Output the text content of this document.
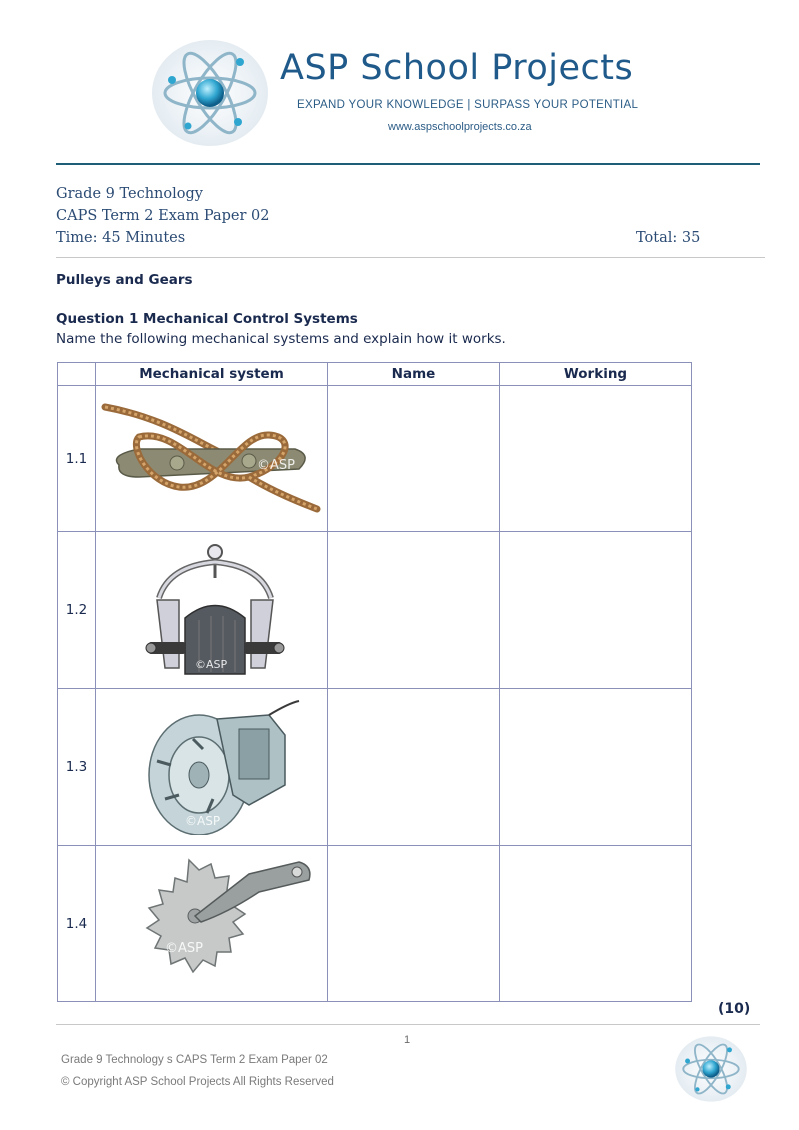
ASP School Projects
EXPAND YOUR KNOWLEDGE | SURPASS YOUR POTENTIAL
www.aspschoolprojects.co.za
Grade 9 Technology
CAPS Term 2 Exam Paper 02
Time: 45 Minutes	Total: 35
Pulleys and Gears
Question 1 Mechanical Control Systems
Name the following mechanical systems and explain how it works.
	Mechanical system	Name	Working
1.1	©ASP		

1.2	©ASP		

1.3	©ASP		

1.4	©ASP		

(10)
1
Grade 9 Technology s CAPS Term 2 Exam Paper 02
© Copyright ASP School Projects All Rights Reserved
